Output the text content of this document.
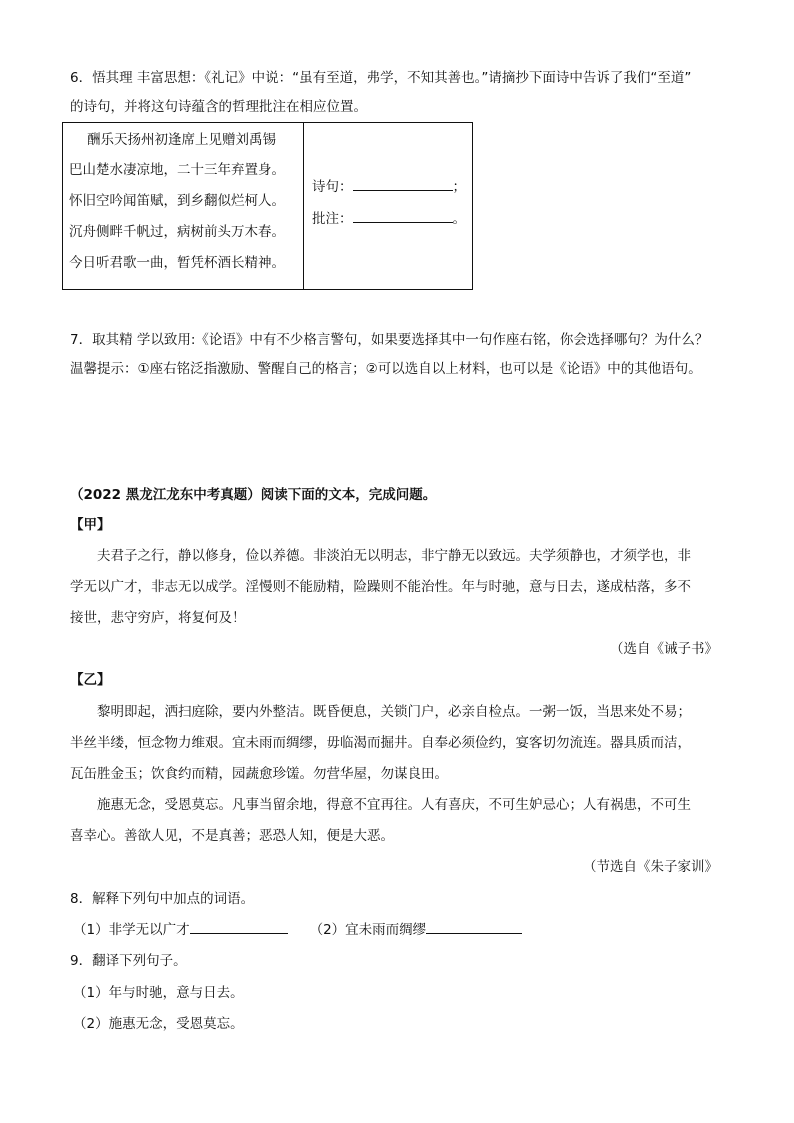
6．悟其理 丰富思想：《礼记》中说：“虽有至道，弗学，不知其善也。”请摘抄下面诗中告诉了我们“至道”
的诗句，并将这句诗蕴含的哲理批注在相应位置。
酬乐天扬州初逢席上见赠刘禹锡
巴山楚水凄凉地，二十三年弃置身。
怀旧空吟闻笛赋，到乡翻似烂柯人。
沉舟侧畔千帆过，病树前头万木春。
今日听君歌一曲，暂凭杯酒长精神。

诗句：	；
批注：	。
7．取其精 学以致用:《论语》中有不少格言警句，如果要选择其中一句作座右铭，你会选择哪句？为什么？
温馨提示：①座右铭泛指激励、警醒自己的格言；②可以选自以上材料，也可以是《论语》中的其他语句。
（2022 黑龙江龙东中考真题）阅读下面的文本，完成问题。
【甲】
夫君子之行，静以修身，俭以养德。非淡泊无以明志，非宁静无以致远。夫学须静也，才须学也，非
学无以广才，非志无以成学。淫慢则不能励精，险躁则不能治性。年与时驰，意与日去，遂成枯落，多不
接世，悲守穷庐，将复何及！
（选自《诫子书》
【乙】
黎明即起，洒扫庭除，要内外整洁。既昏便息，关锁门户，必亲自检点。一粥一饭，当思来处不易；
半丝半缕，恒念物力维艰。宜未雨而绸缪，毋临渴而掘井。自奉必须俭约，宴客切勿流连。器具质而洁，
瓦缶胜金玉；饮食约而精，园蔬愈珍馐。勿营华屋，勿谋良田。
施惠无念，受恩莫忘。凡事当留余地，得意不宜再往。人有喜庆，不可生妒忌心；人有祸患，不可生
喜幸心。善欲人见，不是真善；恶恐人知，便是大恶。
（节选自《朱子家训》
8．解释下列句中加点的词语。
（1）非学无以广才	（2）宜未雨而绸缪
9．翻译下列句子。
（1）年与时驰，意与日去。
（2）施惠无念，受恩莫忘。
